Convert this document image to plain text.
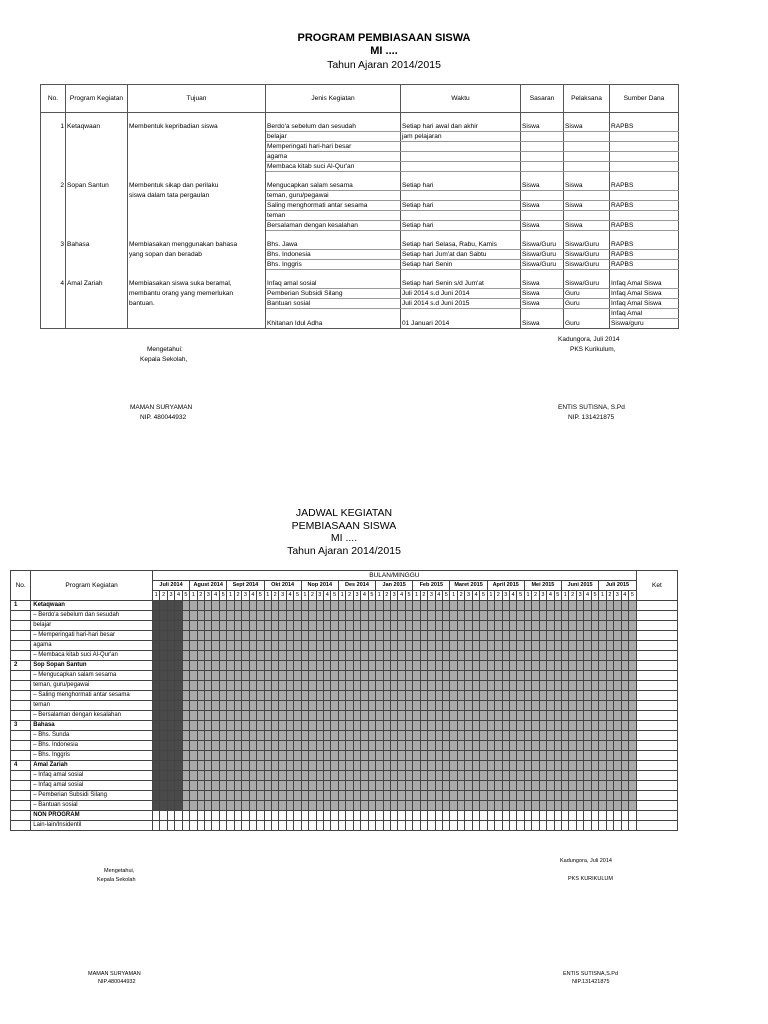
PROGRAM PEMBIASAAN SISWA
MI ....
Tahun Ajaran 2014/2015
No.	Program Kegiatan	Tujuan	Jenis Kegiatan	Waktu	Sasaran	Pelaksana	Sumber Dana

1	Ketaqwaan	Membentuk kepribadian siswa	Berdo'a sebelum dan sesudah	Setiap hari awal dan akhir	Siswa	Siswa	RAPBS
			belajar	jam pelajaran			
			Memperingati hari-hari besar				
			agama				
			Membaca kitab suci Al-Qur'an				

2	Sopan Santun	Membentuk sikap dan perilaku	Mengucapkan salam sesama	Setiap hari	Siswa	Siswa	RAPBS
		siswa dalam tata pergaulan	teman, guru/pegawai				
			Saling menghormati antar sesama	Setiap hari	Siswa	Siswa	RAPBS
			teman				
			Bersalaman dengan kesalahan	Setiap hari	Siswa	Siswa	RAPBS

3	Bahasa	Membiasakan menggunakan bahasa	Bhs. Jawa	Setiap hari Selasa, Rabu, Kamis	Siswa/Guru	Siswa/Guru	RAPBS
		yang sopan dan beradab	Bhs. Indonesia	Setiap hari Jum'at dan Sabtu	Siswa/Guru	Siswa/Guru	RAPBS
			Bhs. Inggris	Setiap hari Senin	Siswa/Guru	Siswa/Guru	RAPBS

4	Amal Zariah	Membiasakan siswa suka beramal,	Infaq amal sosial	Setiap hari Senin s/d Jum'at	Siswa	Siswa/Guru	Infaq Amal Siswa
		membantu orang yang memerlukan	Pemberian Subsidi Silang	Juli 2014 s.d Juni 2014	Siswa	Guru	Infaq Amal Siswa
		bantuan.	Bantuan sosial	Juli 2014 s.d Juni 2015	Siswa	Guru	Infaq Amal Siswa
							Infaq Amal
			Khitanan Idul Adha	01 Januari 2014	Siswa	Guru	Siswa/guru
Kadungora, Juli 2014
PKS Kurikulum,
Mengetahui:
Kepala Sekolah,
MAMAN SURYAMAN
NIP. 480044932
ENTIS SUTISNA, S.Pd
NIP. 131421875
JADWAL KEGIATAN
PEMBIASAAN SISWA
MI ....
Tahun Ajaran 2014/2015
No.	Program Kegiatan	BULAN/MINGGU	Ket
Juli 2014	Agust 2014	Sept 2014	Okt 2014	Nop 2014	Des 2014	Jan 2015	Feb 2015	Maret 2015	April 2015	Mei 2015	Juni 2015	Juli 2015
1	2	3	4	5	1	2	3	4	5	1	2	3	4	5	1	2	3	4	5	1	2	3	4	5	1	2	3	4	5	1	2	3	4	5	1	2	3	4	5	1	2	3	4	5	1	2	3	4	5	1	2	3	4	5	1	2	3	4	5	1	2	3	4	5
1	Ketaqwaan																																																																		
	– Berdo'a sebelum dan sesudah																																																																		
	belajar																																																																		
	– Memperingati hari-hari besar																																																																		
	agama																																																																		
	– Membaca kitab suci Al-Qur'an																																																																		
2	Sop Sopan Santun																																																																		
	– Mengucapkan salam sesama																																																																		
	teman, guru/pegawai																																																																		
	– Saling menghormati antar sesama																																																																		
	teman																																																																		
	– Bersalaman dengan kesalahan																																																																		
3	Bahasa																																																																		
	– Bhs. Sunda																																																																		
	– Bhs. Indonesia																																																																		
	– Bhs. Inggris																																																																		
4	Amal Zariah																																																																		
	– Infaq amal sosial																																																																		
	– Infaq amal sosial																																																																		
	– Pemberian Subsidi Silang																																																																		
	– Bantuan sosial																																																																		
	NON PROGRAM																																																																		
	Lain-lain/Insidentil																																																																		
Kadungora, Juli 2014
PKS KURIKULUM
Mengetahui,
Kepala Sekolah
MAMAN SURYAMAN
NIP.480044932
ENTIS SUTISNA,S.Pd
NIP.131421875
